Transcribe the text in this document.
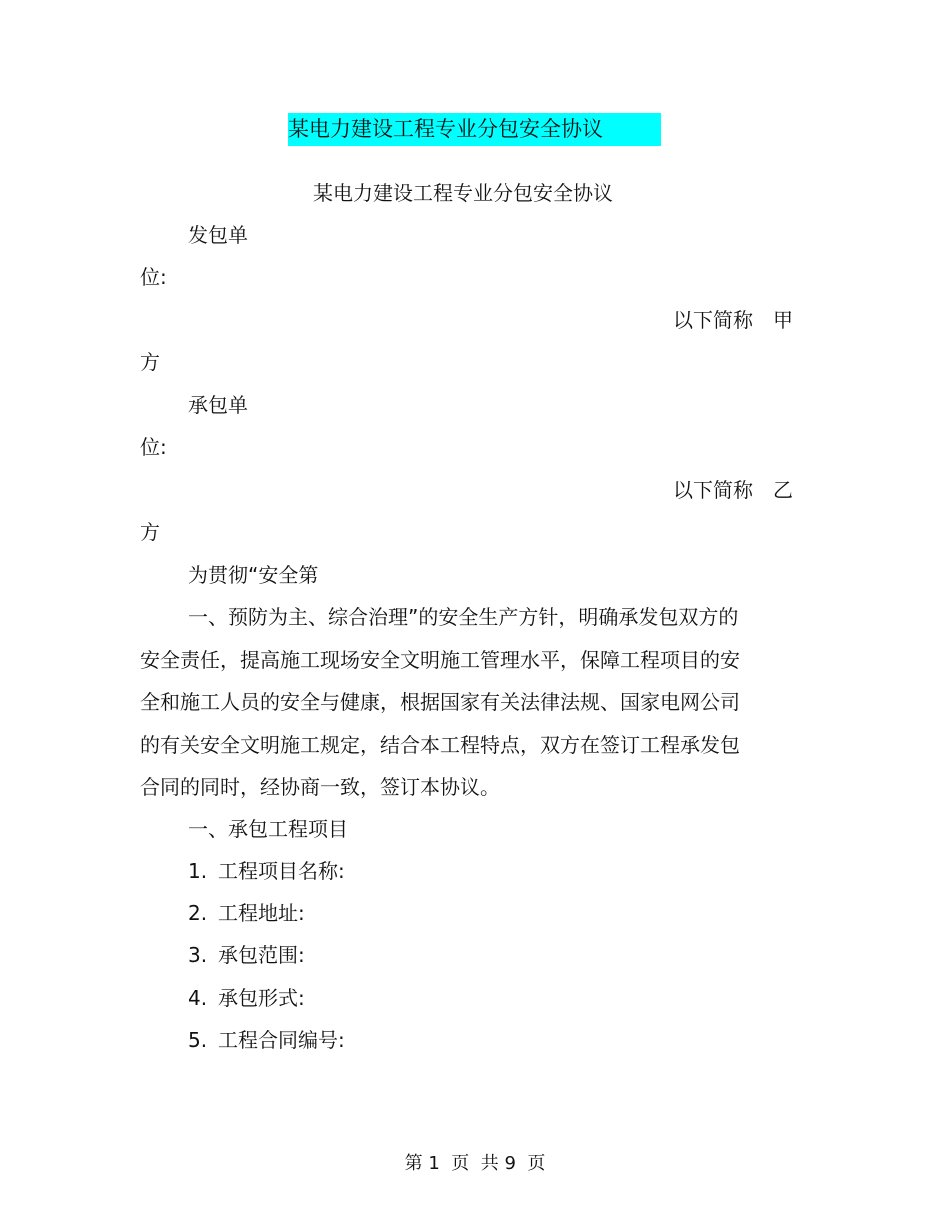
某电力建设工程专业分包安全协议
某电力建设工程专业分包安全协议
发包单
位:
以下简称　甲
方
承包单
位:
以下简称　乙
方
为贯彻“安全第
一、预防为主、综合治理”的安全生产方针，明确承发包双方的
安全责任，提高施工现场安全文明施工管理水平，保障工程项目的安
全和施工人员的安全与健康，根据国家有关法律法规、国家电网公司
的有关安全文明施工规定，结合本工程特点，双方在签订工程承发包
合同的同时，经协商一致，签订本协议。
一、承包工程项目
1. 工程项目名称:
2. 工程地址:
3. 承包范围:
4. 承包形式:
5. 工程合同编号:
第 1  页  共 9  页
